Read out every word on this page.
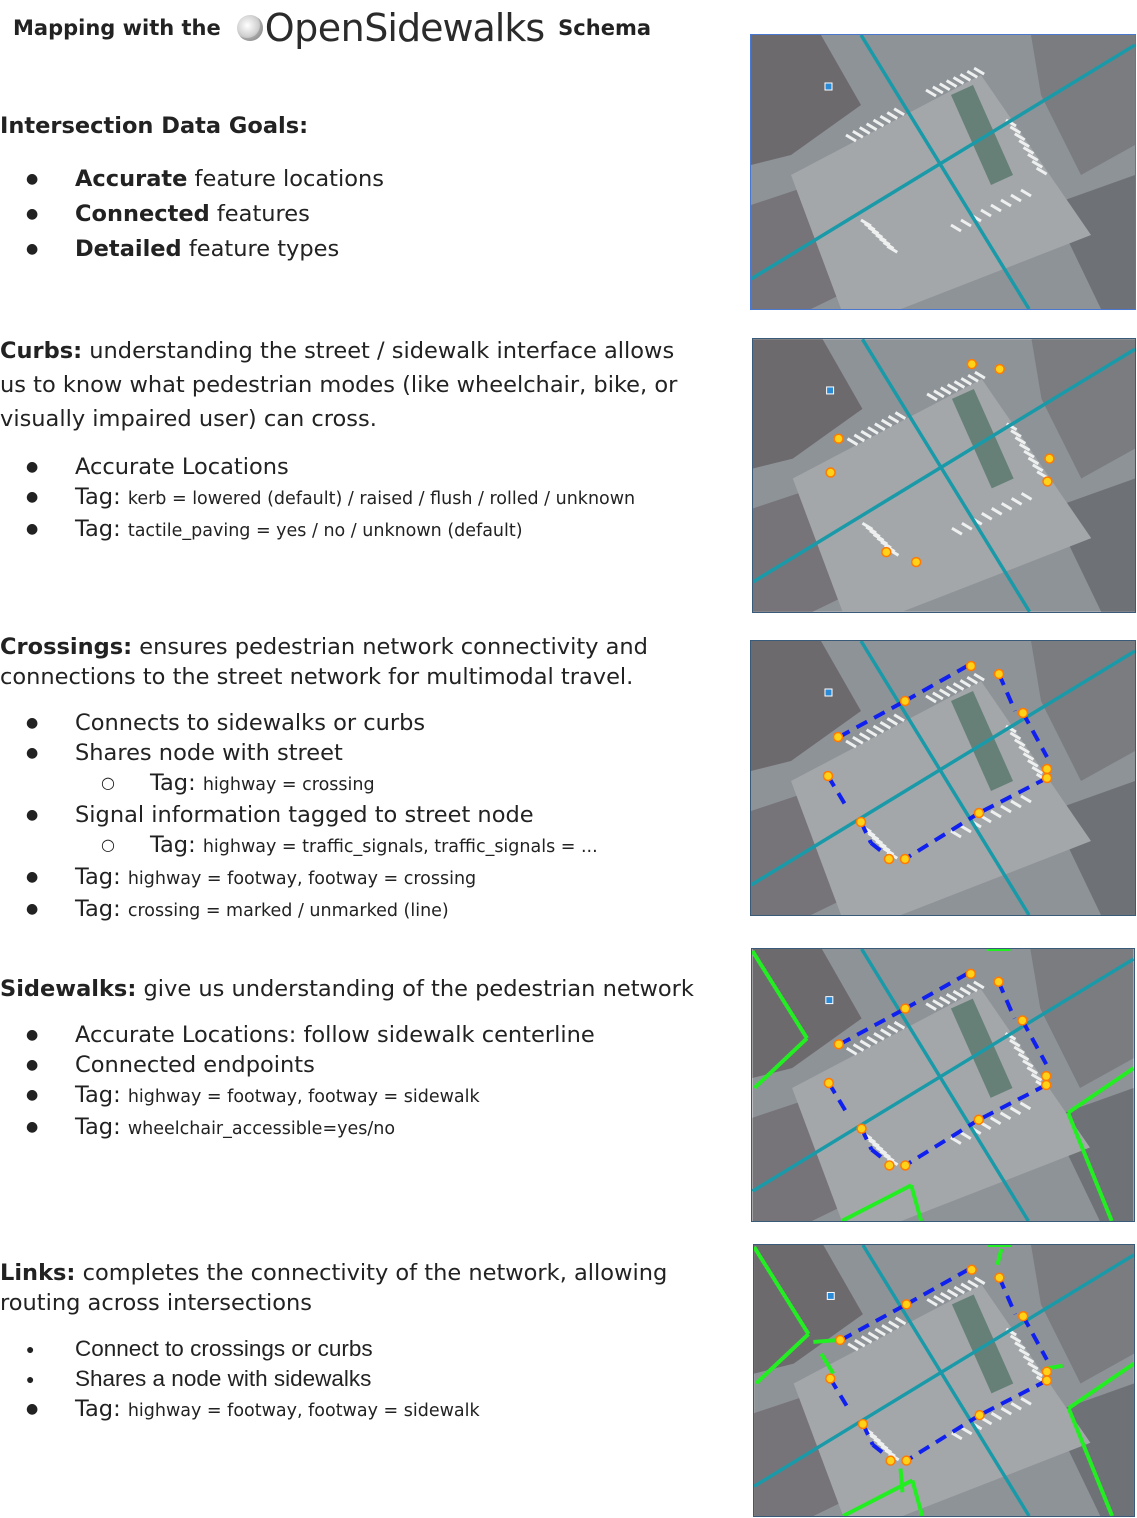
Mapping with the Open Sidewalks Schema

Intersection Data Goals:

● Accurate feature locations
● Connected features
● Detailed feature types

Curbs: understanding the street / sidewalk interface allows us to know what pedestrian modes (like wheelchair, bike, or visually impaired user) can cross.

● Accurate Locations
● Tag: kerb = lowered (default) / raised / flush / rolled / unknown
● Tag: tactile_paving = yes / no / unknown (default)

Crossings: ensures pedestrian network connectivity and connections to the street network for multimodal travel.

● Connects to sidewalks or curbs
● Shares node with street
○ Tag: highway = crossing
● Signal information tagged to street node
○ Tag: highway = traffic_signals, traffic_signals = ...
● Tag: highway = footway, footway = crossing
● Tag: crossing = marked / unmarked (line)

Sidewalks: give us understanding of the pedestrian network

● Accurate Locations: follow sidewalk centerline
● Connected endpoints
● Tag: highway = footway, footway = sidewalk
● Tag: wheelchair_accessible=yes/no

Links: completes the connectivity of the network, allowing routing across intersections

● Connect to crossings or curbs
● Shares a node with sidewalks
● Tag: highway = footway, footway = sidewalk
